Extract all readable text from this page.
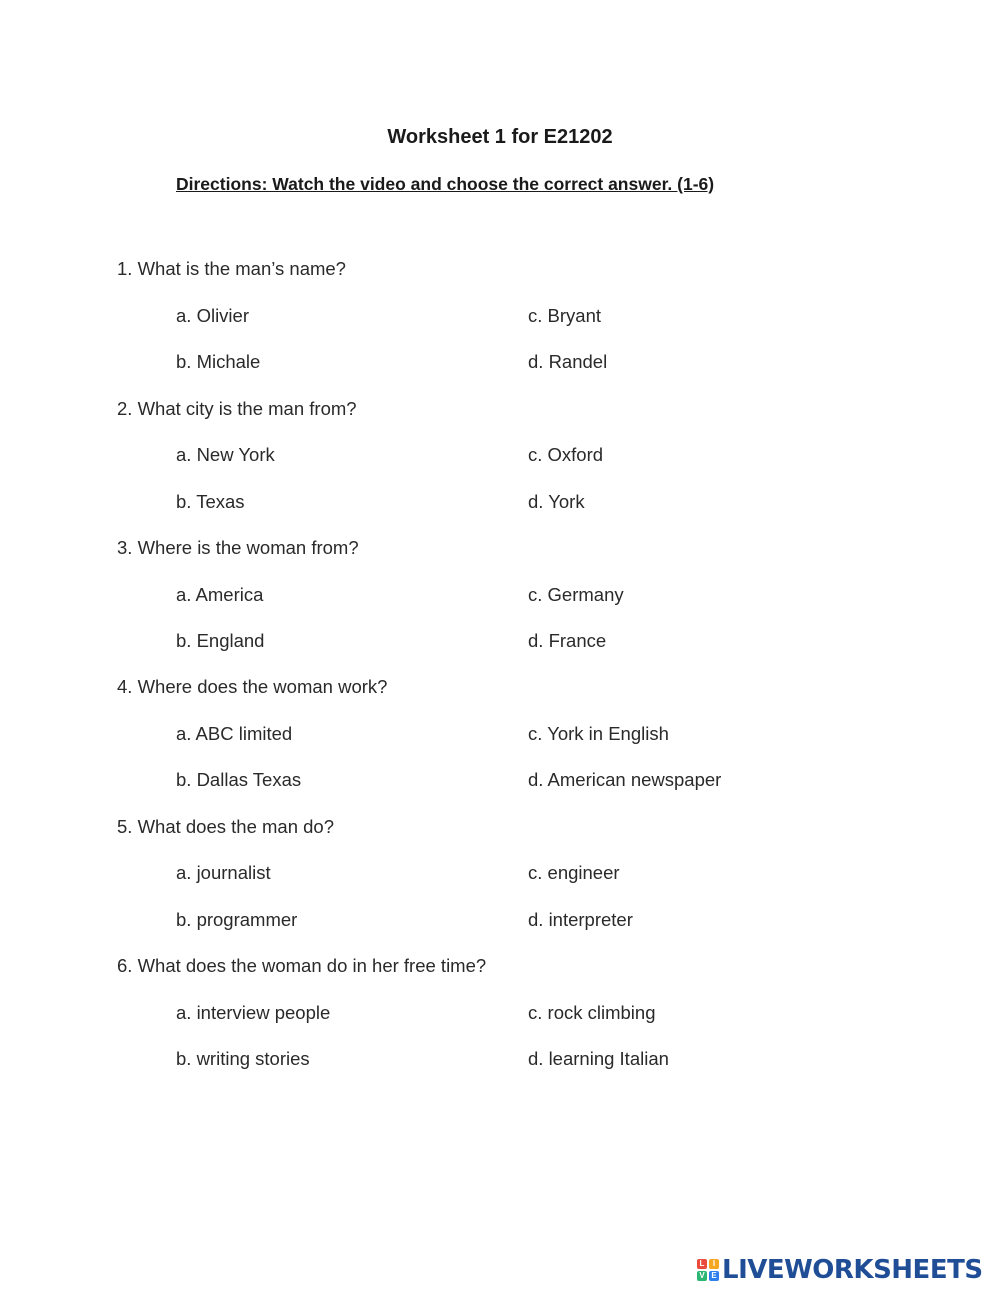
Worksheet 1 for E21202
Directions: Watch the video and choose the correct answer. (1-6)
1. What is the man’s name?
a. Olivier	c. Bryant
b. Michale	d. Randel
2. What city is the man from?
a. New York	c. Oxford
b. Texas	d. York
3. Where is the woman from?
a. America	c. Germany
b. England	d. France
4. Where does the woman work?
a. ABC limited	c. York in English
b. Dallas Texas	d. American newspaper
5. What does the man do?
a. journalist	c. engineer
b. programmer	d. interpreter
6. What does the woman do in her free time?
a. interview people	c. rock climbing
b. writing stories	d. learning Italian
L	I
V E LIVEWORKSHEETS
